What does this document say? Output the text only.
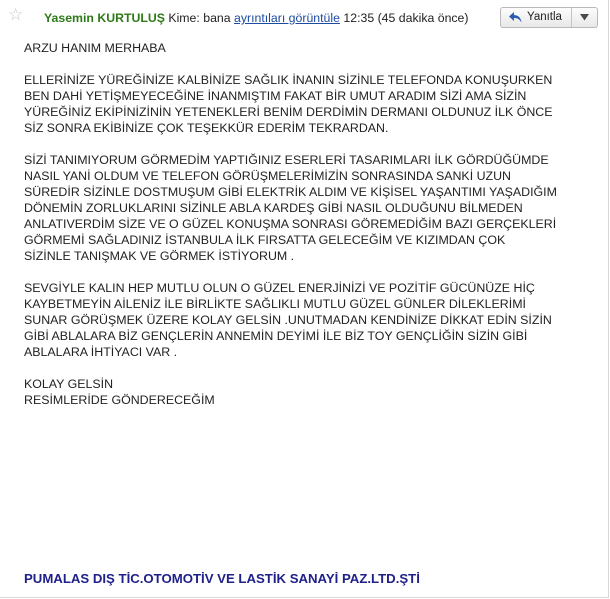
☆ Yasemin KURTULUŞ Kime: bana ayrıntıları görüntüle 12:35 (45 dakika önce)	Yanıtla

ARZU HANIM MERHABA

ELLERİNİZE YÜREĞİNİZE KALBİNİZE SAĞLIK İNANIN SİZİNLE TELEFONDA KONUŞURKEN
BEN DAHİ YETİŞMEYECEĞİNE İNANMIŞTIM FAKAT BİR UMUT ARADIM SİZİ AMA SİZİN
YÜREĞİNİZ EKİPİNİZİNİN YETENEKLERİ BENİM DERDİMİN DERMANI OLDUNUZ İLK ÖNCE
SİZ SONRA EKİBİNİZE ÇOK TEŞEKKÜR EDERİM TEKRARDAN.

SİZİ TANIMIYORUM GÖRMEDİM YAPTIĞINIZ ESERLERİ TASARIMLARI İLK GÖRDÜĞÜMDE
NASIL YANİ OLDUM VE TELEFON GÖRÜŞMELERİMİZİN SONRASINDA SANKİ UZUN
SÜREDİR SİZİNLE DOSTMUŞUM GİBİ ELEKTRİK ALDIM VE KİŞİSEL YAŞANTIMI YAŞADIĞIM
DÖNEMİN ZORLUKLARINI SİZİNLE ABLA KARDEŞ GİBİ NASIL OLDUĞUNU BİLMEDEN
ANLATIVERDİM SİZE VE O GÜZEL KONUŞMA SONRASI GÖREMEDİĞİM BAZI GERÇEKLERİ
GÖRMEMİ SAĞLADINIZ İSTANBULA İLK FIRSATTA GELECEĞİM VE KIZIMDAN ÇOK
SİZİNLE TANIŞMAK VE GÖRMEK İSTİYORUM .

SEVGİYLE KALIN HEP MUTLU OLUN O GÜZEL ENERJİNİZİ VE POZİTİF GÜCÜNÜZE HİÇ
KAYBETMEYİN AİLENİZ İLE BİRLİKTE SAĞLIKLI MUTLU GÜZEL GÜNLER DİLEKLERİMİ
SUNAR GÖRÜŞMEK ÜZERE KOLAY GELSİN .UNUTMADAN KENDİNİZE DİKKAT EDİN SİZİN
GİBİ ABLALARA BİZ GENÇLERİN ANNEMİN DEYİMİ İLE BİZ TOY GENÇLİĞİN SİZİN GİBİ
ABLALARA İHTİYACI VAR .

KOLAY GELSİN
RESİMLERİDE GÖNDERECEĞİM

PUMALAS DIŞ TİC.OTOMOTİV VE LASTİK SANAYİ PAZ.LTD.ŞTİ
